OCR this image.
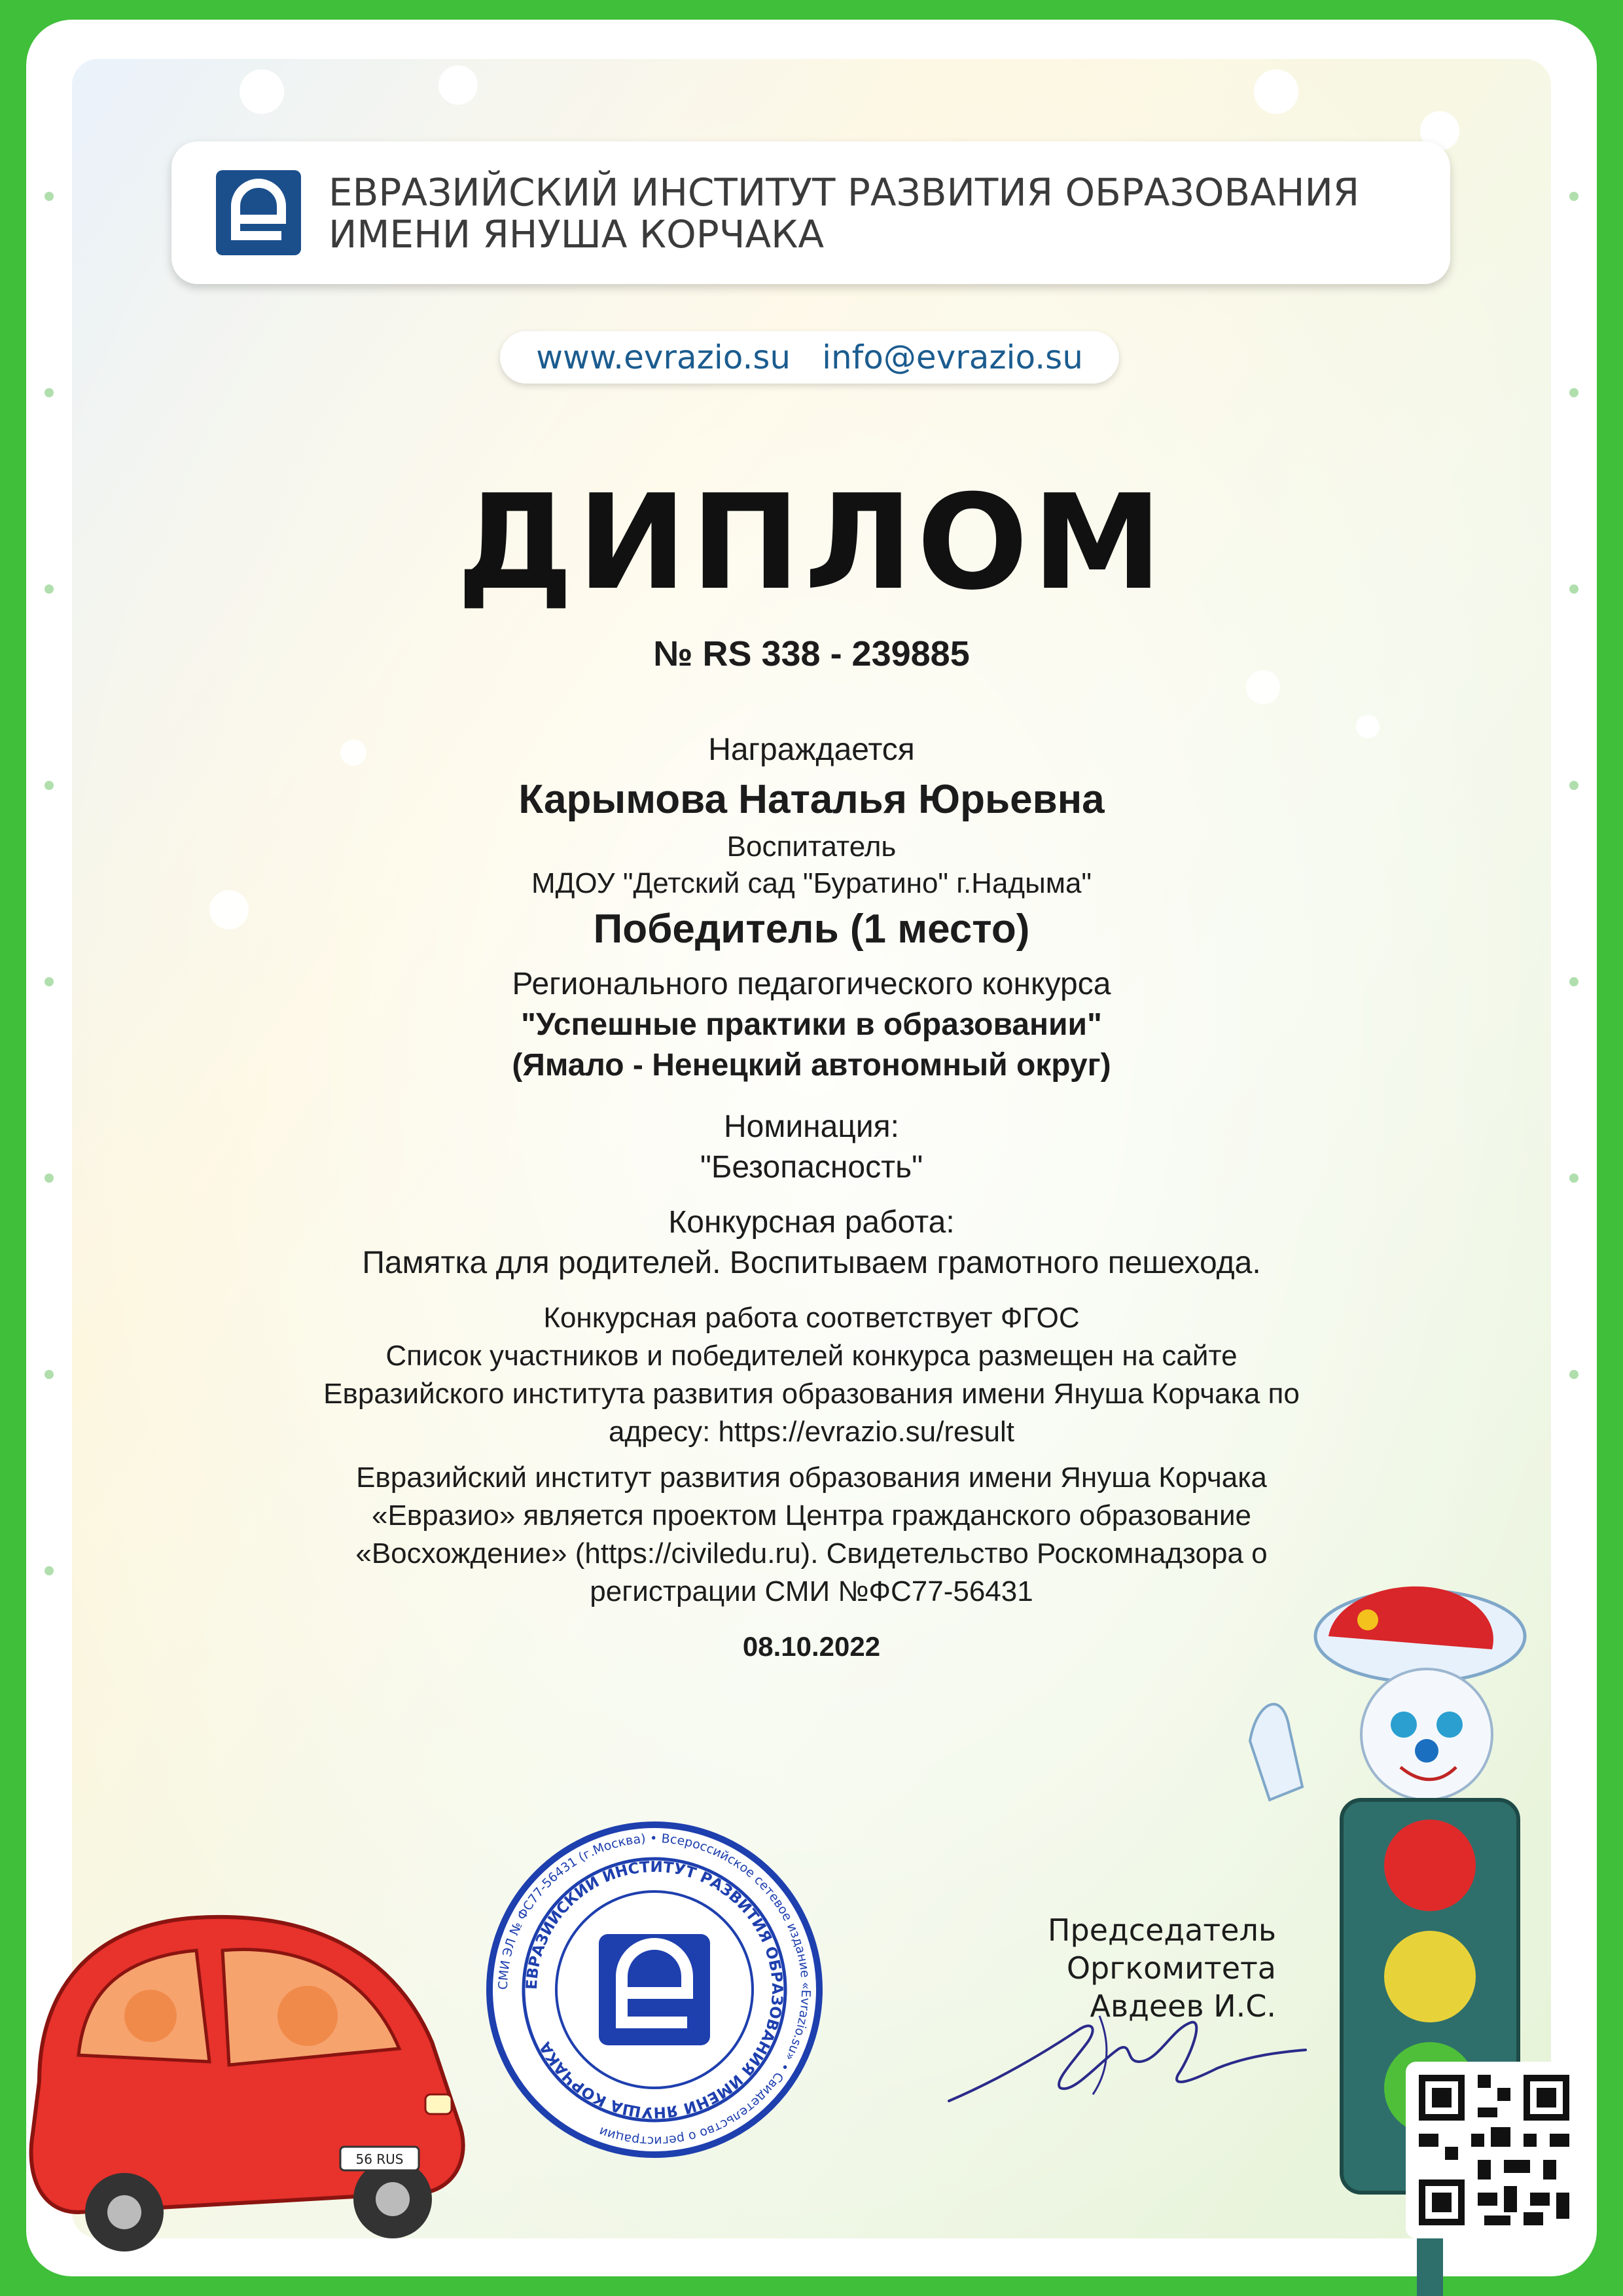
ЕВРАЗИЙСКИЙ ИНСТИТУТ РАЗВИТИЯ ОБРАЗОВАНИЯ
ИМЕНИ ЯНУША КОРЧАКА
www.evrazio.su info@evrazio.su
ДИПЛОМ
№ RS 338 - 239885
Награждается
Карымова Наталья Юрьевна
Воспитатель
МДОУ "Детский сад "Буратино" г.Надыма"
Победитель (1 место)
Регионального педагогического конкурса
"Успешные практики в образовании"
(Ямало - Ненецкий автономный округ)
Номинация:
"Безопасность"
Конкурсная работа:
Памятка для родителей. Воспитываем грамотного пешехода.
Конкурсная работа соответствует ФГОС
Список участников и победителей конкурса размещен на сайте
Евразийского института развития образования имени Януша Корчака по
адресу: https://evrazio.su/result
Евразийский институт развития образования имени Януша Корчака
«Евразио» является проектом Центра гражданского образование
«Восхождение» (https://civiledu.ru). Свидетельство Роскомнадзора о
регистрации СМИ №ФС77-56431
08.10.2022
СМИ ЭЛ № ФС77-56431 (г.Москва) • Всероссийское сетевое издание «Evrazio.su» • Свидетельство о регистрации
ЕВРАЗИЙСКИЙ ИНСТИТУТ РАЗВИТИЯ ОБРАЗОВАНИЯ ИМЕНИ ЯНУША КОРЧАКА
Председатель Оргкомитета
Авдеев И.С.
56 RUS
